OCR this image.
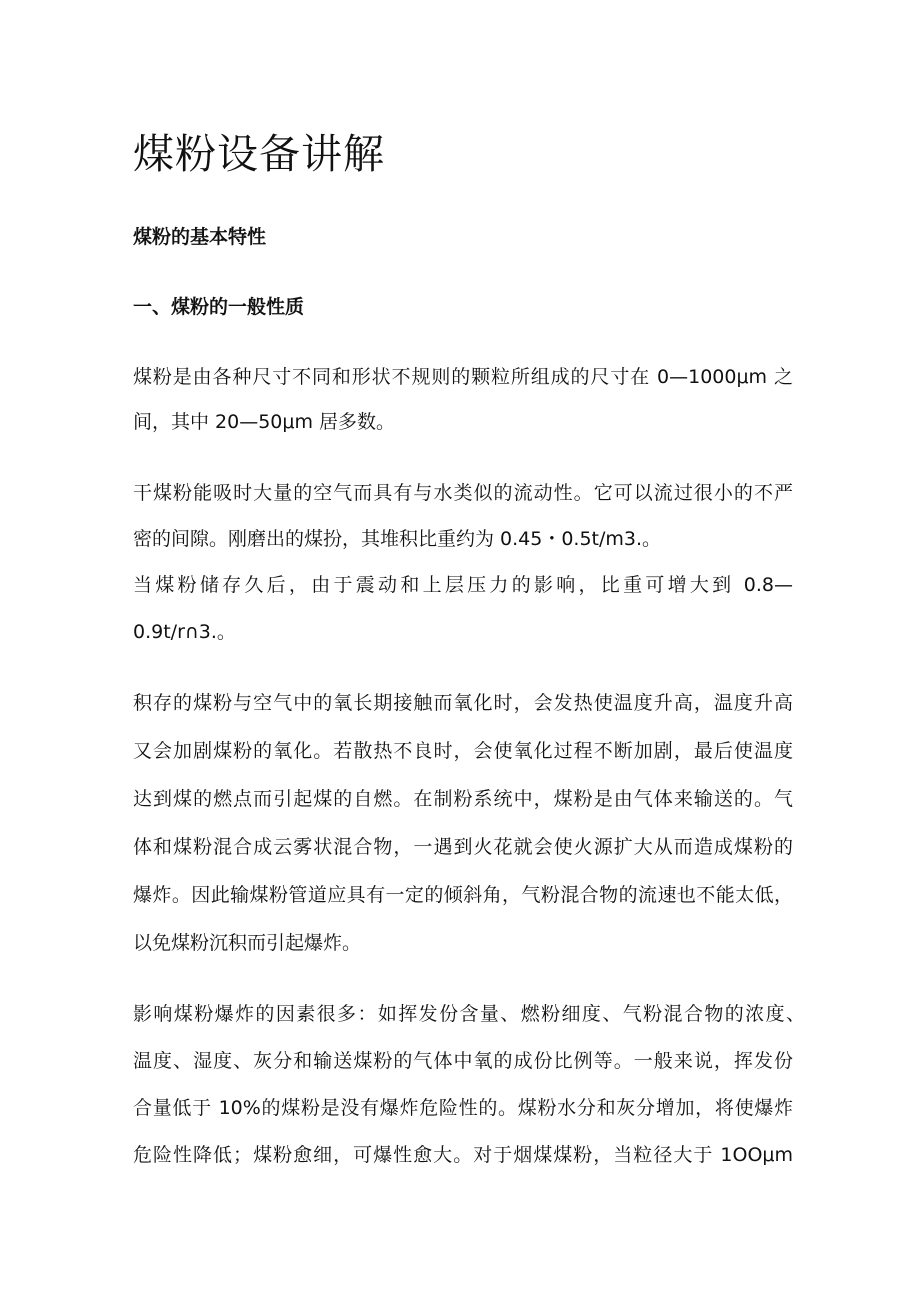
煤粉设备讲解
煤粉的基本特性
一、煤粉的一般性质

煤粉是由各种尺寸不同和形状不规则的颗粒所组成的尺寸在 0—1000μm 之

间，其中 20—50μm 居多数。

干煤粉能吸时大量的空气而具有与水类似的流动性。它可以流过很小的不严

密的间隙。刚磨出的煤扮，其堆积比重约为 0.45・0.5t/m3.。

当煤粉储存久后，由于震动和上层压力的影响，比重可增大到 0.8—

0.9t/r∩3.。

积存的煤粉与空气中的氧长期接触而氧化时，会发热使温度升高，温度升高

又会加剧煤粉的氧化。若散热不良时，会使氧化过程不断加剧，最后使温度

达到煤的燃点而引起煤的自燃。在制粉系统中，煤粉是由气体来输送的。气

体和煤粉混合成云雾状混合物，一遇到火花就会使火源扩大从而造成煤粉的

爆炸。因此输煤粉管道应具有一定的倾斜角，气粉混合物的流速也不能太低，

以免煤粉沉积而引起爆炸。

影响煤粉爆炸的因素很多：如挥发份含量、燃粉细度、气粉混合物的浓度、

温度、湿度、灰分和输送煤粉的气体中氧的成份比例等。一般来说，挥发份

合量低于 10%的煤粉是没有爆炸危险性的。煤粉水分和灰分增加，将使爆炸

危险性降低；煤粉愈细，可爆性愈大。对于烟煤煤粉，当粒径大于 1OOμm
